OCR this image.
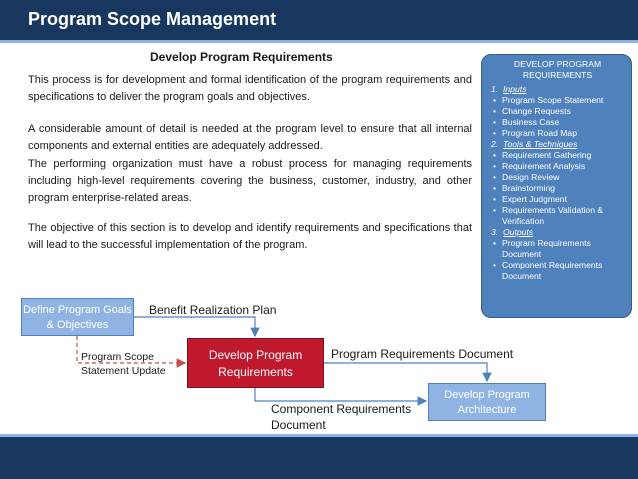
Program Scope Management
Develop Program Requirements

This process is for development and formal identification of the program requirements and specifications to deliver the program goals and objectives.

A considerable amount of detail is needed at the program level to ensure that all internal components and external entities are adequately addressed.

The performing organization must have a robust process for managing requirements including high-level requirements covering the business, customer, industry, and other program enterprise-related areas.

The objective of this section is to develop and identify requirements and specifications that will lead to the successful implementation of the program.

DEVELOP PROGRAM REQUIREMENTS
1. Inputs
• Program Scope Statement
• Change Requests
• Business Case
• Program Road Map
2. Tools & Techniques
• Requirement Gathering
• Requirement Analysis
• Design Review
• Brainstorming
• Expert Judgment
• Requirements Validation & Verification
3. Outputs
• Program Requirements Document
• Component Requirements Document
Define Program Goals & Objectives
Develop Program Requirements
Develop Program Architecture
Benefit Realization Plan
Program Scope Statement Update
Program Requirements Document
Component Requirements Document
